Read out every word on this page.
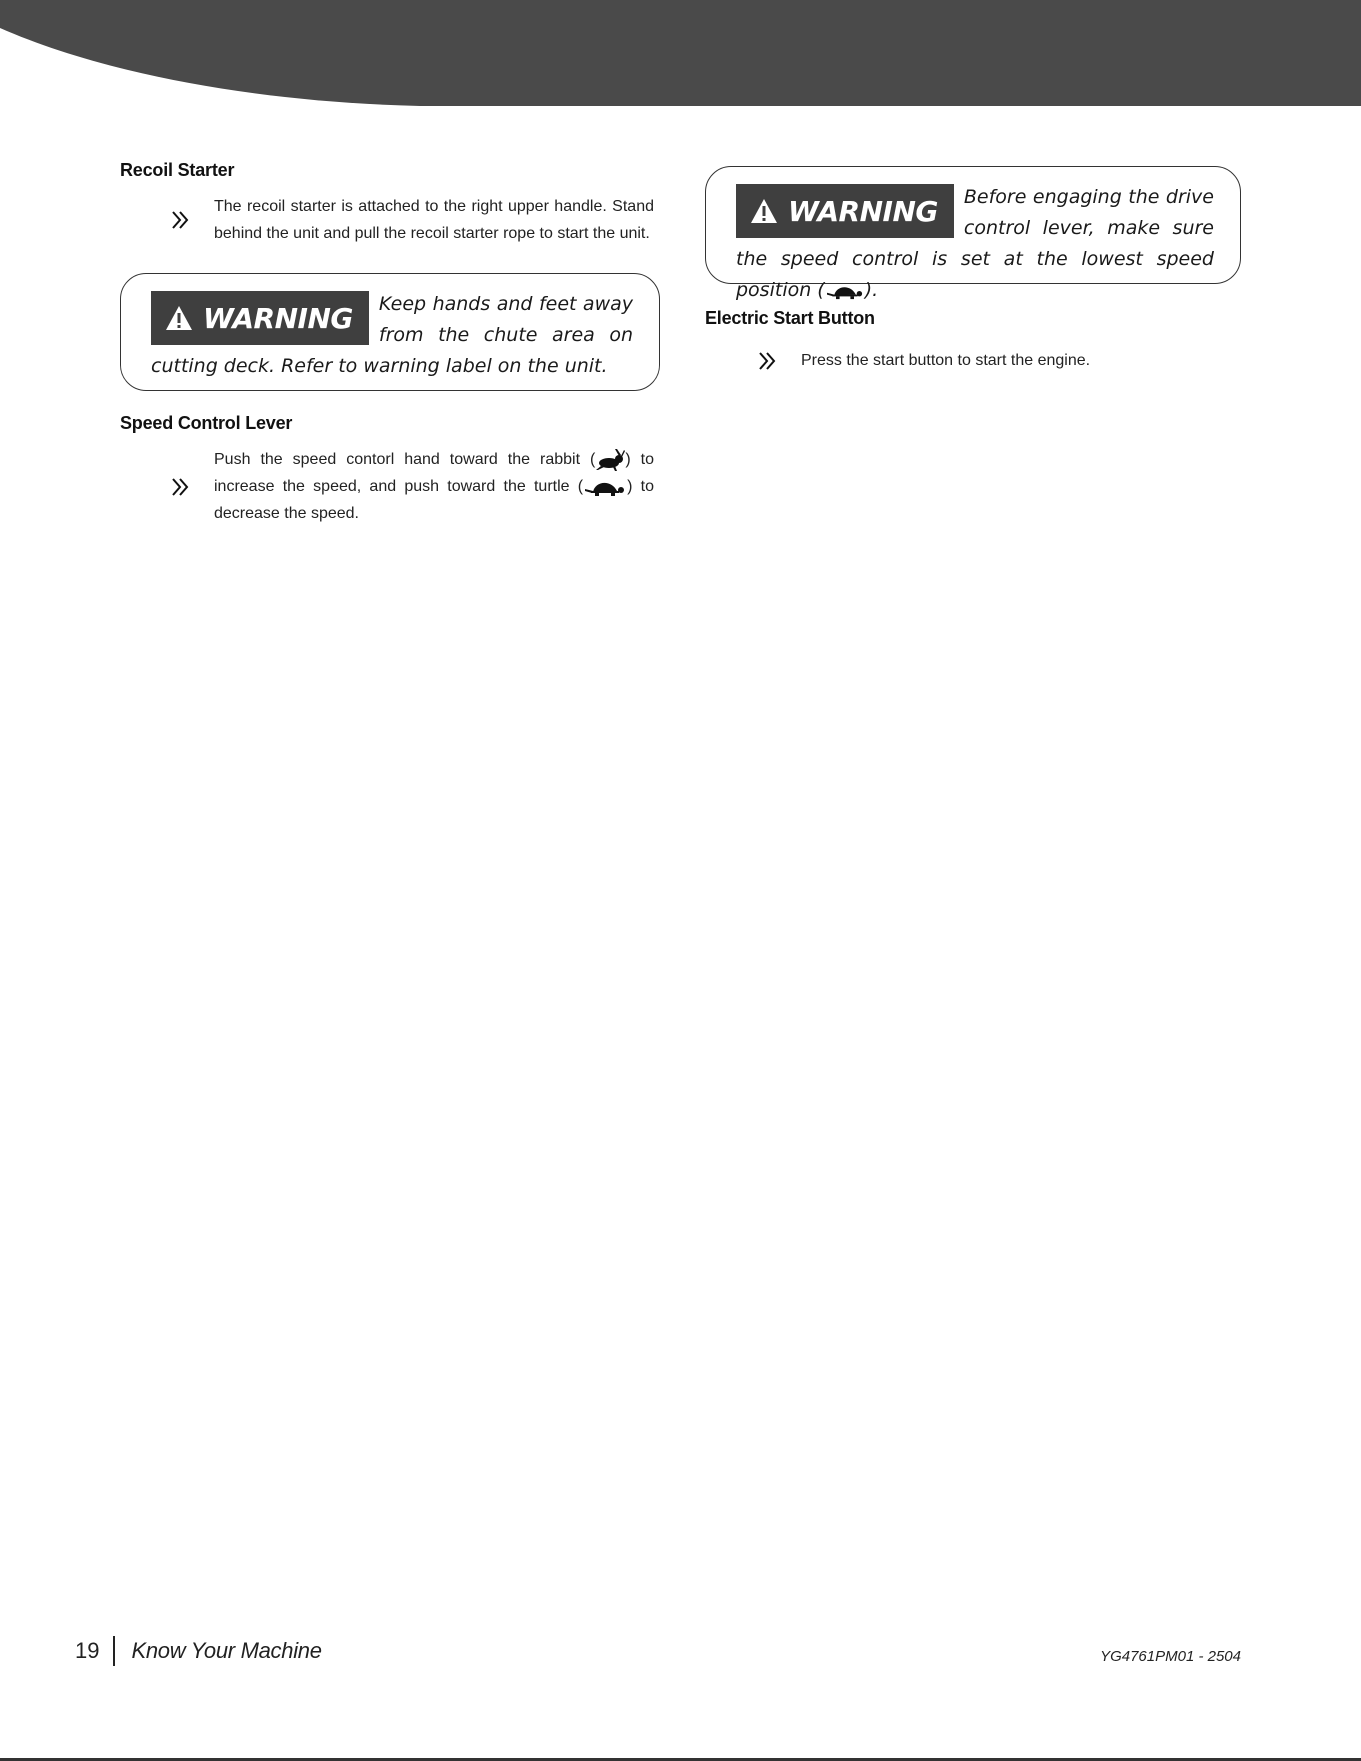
Recoil Starter

The recoil starter is attached to the right upper handle. Stand behind the unit and pull the recoil starter rope to start the unit.

WARNING	Keep hands and feet away from the chute area on cutting deck. Refer to warning label on the unit.

Speed Control Lever

Push the speed contorl hand toward the rabbit ( ) to increase the speed, and push toward the turtle (	) to decrease the speed.

WARNING	Before engaging the drive control lever, make sure the speed control is set at the lowest speed position ( ).

Electric Start Button

Press the start button to start the engine.

19 Know Your Machine	YG4761PM01 - 2504
